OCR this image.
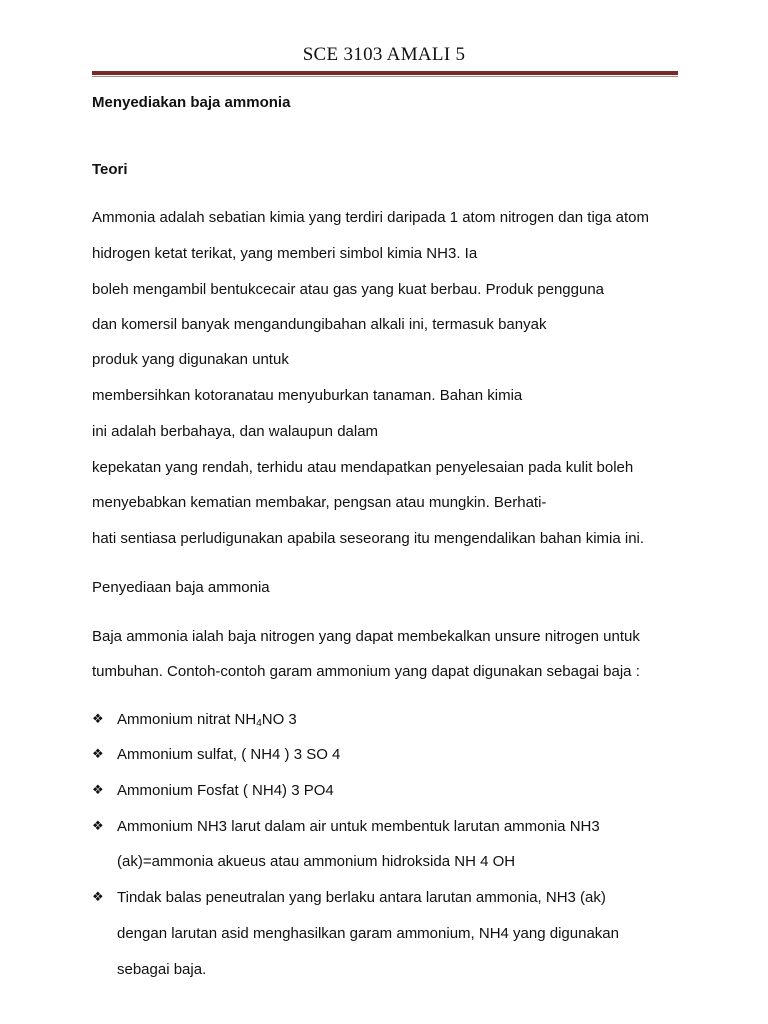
SCE 3103 AMALI 5
Menyediakan baja ammonia
Teori
Ammonia adalah sebatian kimia yang terdiri daripada 1 atom nitrogen dan tiga atom
hidrogen ketat terikat, yang memberi simbol kimia NH3. Ia
boleh mengambil bentukcecair atau gas yang kuat berbau. Produk pengguna
dan komersil banyak mengandungibahan alkali ini, termasuk banyak
produk yang digunakan untuk
membersihkan kotoranatau menyuburkan tanaman. Bahan kimia
ini adalah berbahaya, dan walaupun dalam
kepekatan yang rendah, terhidu atau mendapatkan penyelesaian pada kulit boleh
menyebabkan kematian membakar, pengsan atau mungkin. Berhati-
hati sentiasa perludigunakan apabila seseorang itu mengendalikan bahan kimia ini.
Penyediaan baja ammonia
Baja ammonia ialah baja nitrogen yang dapat membekalkan unsure nitrogen untuk
tumbuhan. Contoh-contoh garam ammonium yang dapat digunakan sebagai baja :
❖ Ammonium nitrat $NH_4NO$ 3
❖ Ammonium sulfat, ( NH4 ) 3 SO 4
❖ Ammonium Fosfat ( NH4) 3 PO4
❖ Ammonium NH3 larut dalam air untuk membentuk larutan ammonia NH3
(ak)=ammonia akueus atau ammonium hidroksida NH 4 OH
❖ Tindak balas peneutralan yang berlaku antara larutan ammonia, NH3 (ak)
dengan larutan asid menghasilkan garam ammonium, NH4 yang digunakan
sebagai baja.
